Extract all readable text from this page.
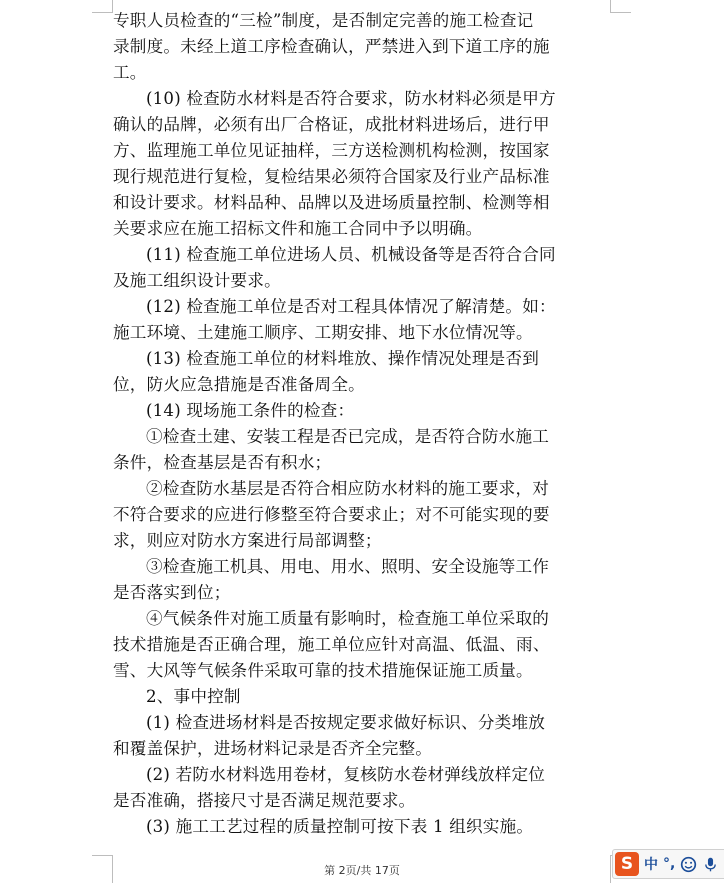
专职人员检查的“三检”制度，是否制定完善的施工检查记
录制度。未经上道工序检查确认，严禁进入到下道工序的施
工。
(10) 检查防水材料是否符合要求，防水材料必须是甲方
确认的品牌，必须有出厂合格证，成批材料进场后，进行甲
方、监理施工单位见证抽样，三方送检测机构检测，按国家
现行规范进行复检，复检结果必须符合国家及行业产品标准
和设计要求。材料品种、品牌以及进场质量控制、检测等相
关要求应在施工招标文件和施工合同中予以明确。
(11) 检查施工单位进场人员、机械设备等是否符合合同
及施工组织设计要求。
(12) 检查施工单位是否对工程具体情况了解清楚。如：
施工环境、土建施工顺序、工期安排、地下水位情况等。
(13) 检查施工单位的材料堆放、操作情况处理是否到
位，防火应急措施是否准备周全。
(14) 现场施工条件的检查：
①检查土建、安装工程是否已完成，是否符合防水施工
条件，检查基层是否有积水；
②检查防水基层是否符合相应防水材料的施工要求，对
不符合要求的应进行修整至符合要求止；对不可能实现的要
求，则应对防水方案进行局部调整；
③检查施工机具、用电、用水、照明、安全设施等工作
是否落实到位；
④气候条件对施工质量有影响时，检查施工单位采取的
技术措施是否正确合理，施工单位应针对高温、低温、雨、
雪、大风等气候条件采取可靠的技术措施保证施工质量。
2、事中控制
(1) 检查进场材料是否按规定要求做好标识、分类堆放
和覆盖保护，进场材料记录是否齐全完整。
(2) 若防水材料选用卷材，复核防水卷材弹线放样定位
是否准确，搭接尺寸是否满足规范要求。
(3) 施工工艺过程的质量控制可按下表 1 组织实施。
第 2页/共 17页	S 中 °,
